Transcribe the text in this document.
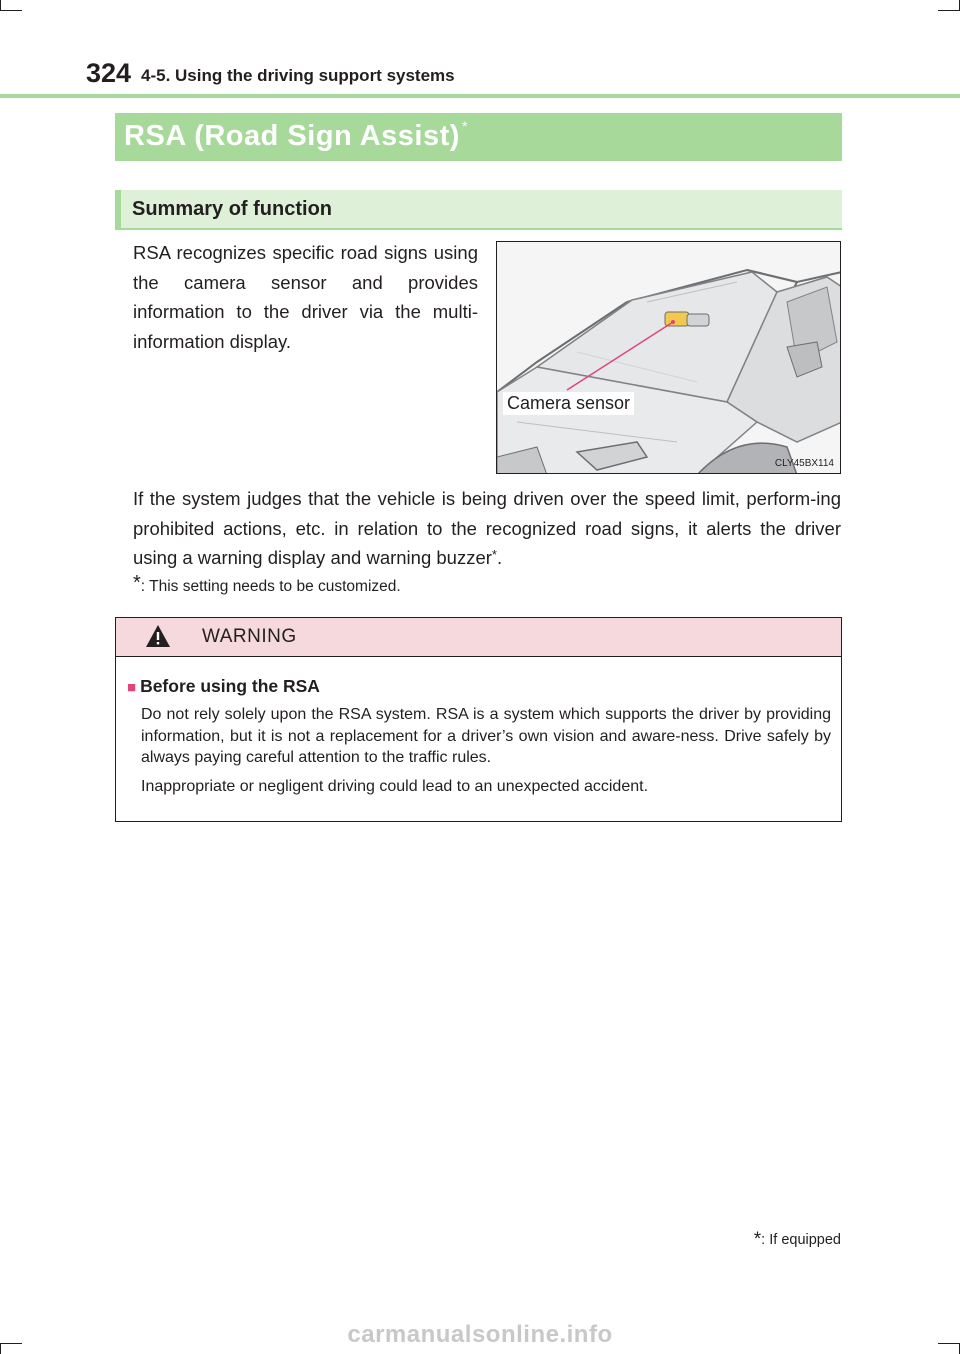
324 4-5. Using the driving support systems
RSA (Road Sign Assist) *
Summary of function
RSA recognizes specific road signs using the camera sensor and provides information to the driver via the multi-information display.
Camera sensor
CLY45BX114
If the system judges that the vehicle is being driven over the speed limit, perform-ing prohibited actions, etc. in relation to the recognized road signs, it alerts the driver using a warning display and warning buzzer*.
*: This setting needs to be customized.
WARNING
■ Before using the RSA
Do not rely solely upon the RSA system. RSA is a system which supports the driver by providing information, but it is not a replacement for a driver’s own vision and aware-ness. Drive safely by always paying careful attention to the traffic rules.
Inappropriate or negligent driving could lead to an unexpected accident.
*: If equipped
carmanualsonline.info
